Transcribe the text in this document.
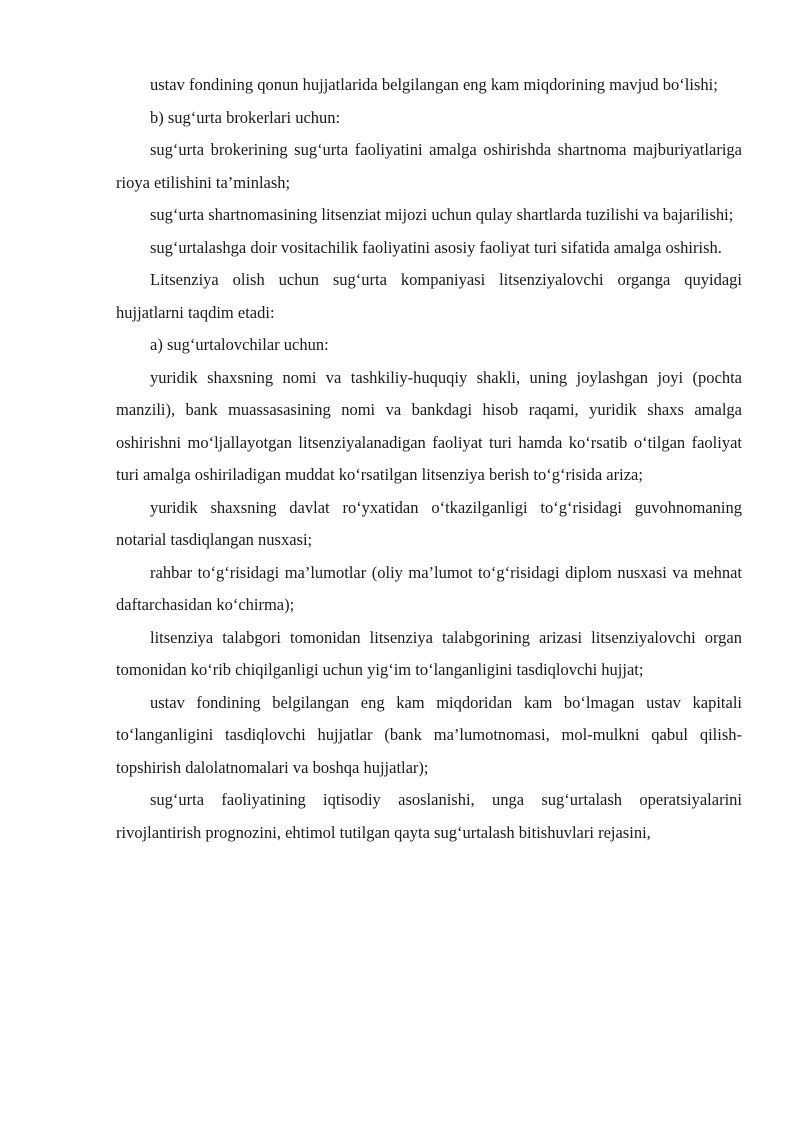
ustav fondining qonun hujjatlarida belgilangan eng kam miqdorining mavjud bo‘lishi;

b) sug‘urta brokerlari uchun:

sug‘urta brokerining sug‘urta faoliyatini amalga oshirishda shartnoma majburiyatlariga rioya etilishini ta’minlash;

sug‘urta shartnomasining litsenziat mijozi uchun qulay shartlarda tuzilishi va bajarilishi;

sug‘urtalashga doir vositachilik faoliyatini asosiy faoliyat turi sifatida amalga oshirish.

Litsenziya olish uchun sug‘urta kompaniyasi litsenziyalovchi organga quyidagi hujjatlarni taqdim etadi:

a) sug‘urtalovchilar uchun:

yuridik shaxsning nomi va tashkiliy-huquqiy shakli, uning joylashgan joyi (pochta manzili), bank muassasasining nomi va bankdagi hisob raqami, yuridik shaxs amalga oshirishni mo‘ljallayotgan litsenziyalanadigan faoliyat turi hamda ko‘rsatib o‘tilgan faoliyat turi amalga oshiriladigan muddat ko‘rsatilgan litsenziya berish to‘g‘risida ariza;

yuridik shaxsning davlat ro‘yxatidan o‘tkazilganligi to‘g‘risidagi guvohnomaning notarial tasdiqlangan nusxasi;

rahbar to‘g‘risidagi ma’lumotlar (oliy ma’lumot to‘g‘risidagi diplom nusxasi va mehnat daftarchasidan ko‘chirma);

litsenziya talabgori tomonidan litsenziya talabgorining arizasi litsenziyalovchi organ tomonidan ko‘rib chiqilganligi uchun yig‘im to‘langanligini tasdiqlovchi hujjat;

ustav fondining belgilangan eng kam miqdoridan kam bo‘lmagan ustav kapitali to‘langanligini tasdiqlovchi hujjatlar (bank ma’lumotnomasi, mol-mulkni qabul qilish-topshirish dalolatnomalari va boshqa hujjatlar);

sug‘urta faoliyatining iqtisodiy asoslanishi, unga sug‘urtalash operatsiyalarini rivojlantirish prognozini, ehtimol tutilgan qayta sug‘urtalash bitishuvlari rejasini,
